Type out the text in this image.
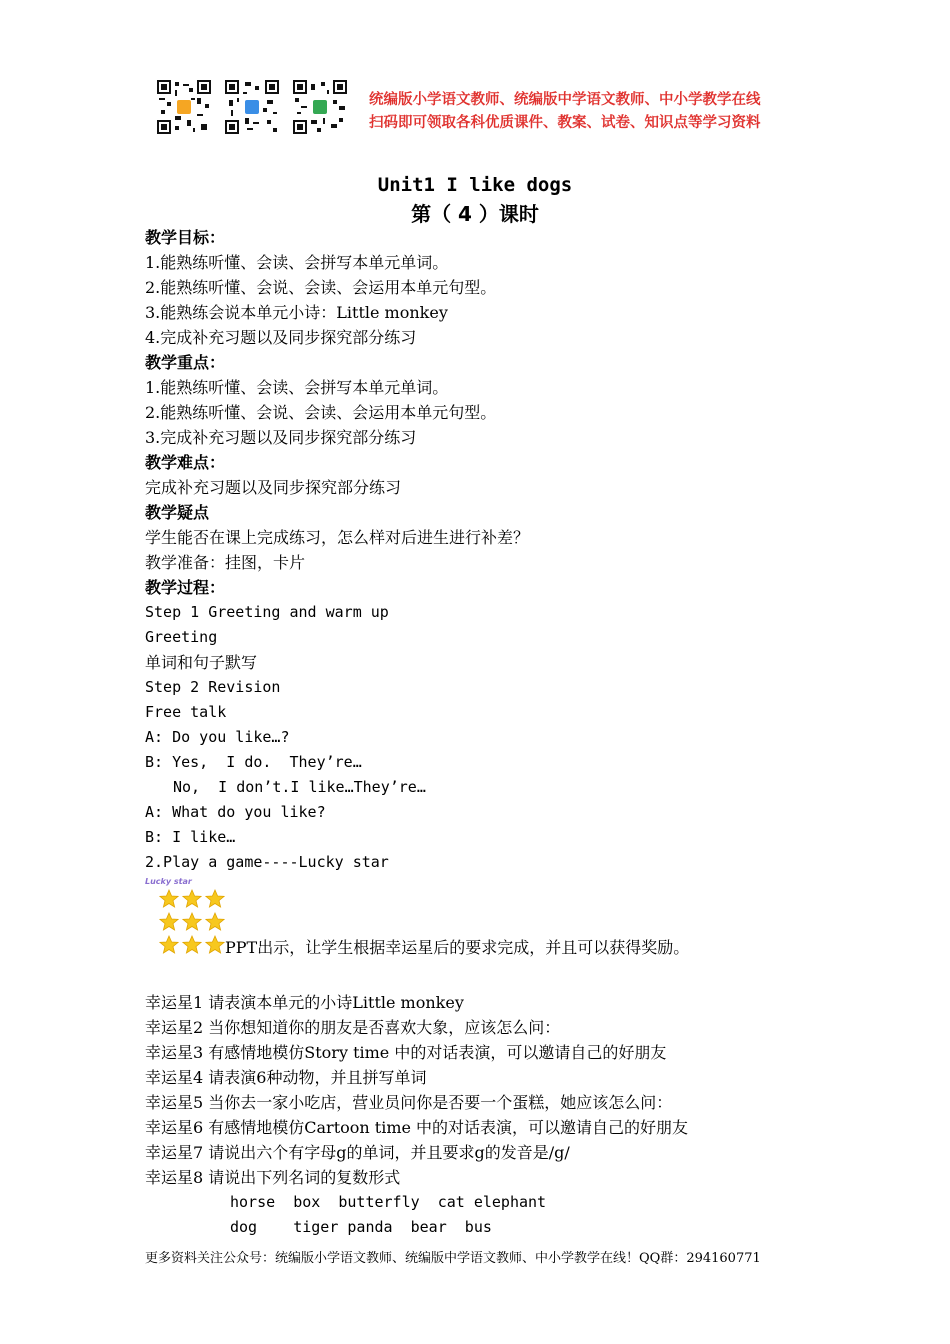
统编版小学语文教师、统编版中学语文教师、中小学教学在线
扫码即可领取各科优质课件、教案、试卷、知识点等学习资料
Unit1 I like dogs
第（ 4 ）课时
教学目标：
1.能熟练听懂、会读、会拼写本单元单词。
2.能熟练听懂、会说、会读、会运用本单元句型。
3.能熟练会说本单元小诗：Little monkey
4.完成补充习题以及同步探究部分练习
教学重点：
1.能熟练听懂、会读、会拼写本单元单词。
2.能熟练听懂、会说、会读、会运用本单元句型。
3.完成补充习题以及同步探究部分练习
教学难点：
完成补充习题以及同步探究部分练习
教学疑点
学生能否在课上完成练习，怎么样对后进生进行补差？
教学准备：挂图，卡片
教学过程：
Step 1 Greeting and warm up
Greeting
单词和句子默写
Step 2 Revision
Free talk
A: Do you like…?
B: Yes,  I do.  They’re…
No,  I don’t.I like…They’re…
A: What do you like?
B: I like…
2.Play a game----Lucky star
Lucky star
PPT出示，让学生根据幸运星后的要求完成，并且可以获得奖励。
幸运星1 请表演本单元的小诗Little monkey
幸运星2 当你想知道你的朋友是否喜欢大象，应该怎么问：
幸运星3 有感情地模仿Story time 中的对话表演，可以邀请自己的好朋友
幸运星4 请表演6种动物，并且拼写单词
幸运星5 当你去一家小吃店，营业员问你是否要一个蛋糕，她应该怎么问：
幸运星6 有感情地模仿Cartoon time 中的对话表演，可以邀请自己的好朋友
幸运星7 请说出六个有字母g的单词，并且要求g的发音是/g/
幸运星8 请说出下列名词的复数形式
horse  box  butterfly  cat elephant
dog    tiger panda  bear  bus
更多资料关注公众号：统编版小学语文教师、统编版中学语文教师、中小学教学在线！QQ群：294160771
